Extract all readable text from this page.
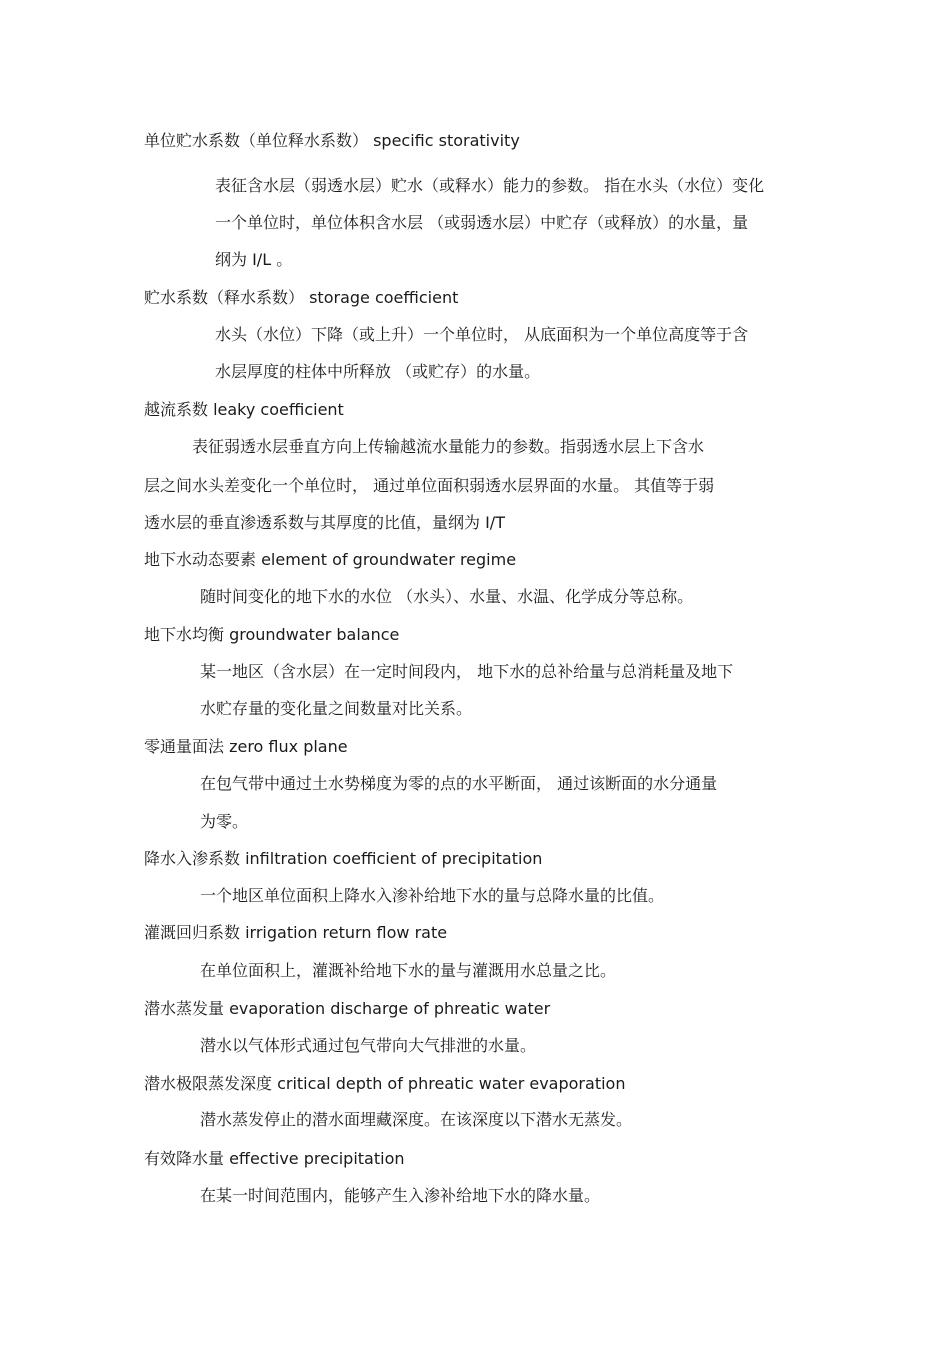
单位贮水系数（单位释水系数） specific storativity
表征含水层（弱透水层）贮水（或释水）能力的参数。 指在水头（水位）变化
一个单位时，单位体积含水层 （或弱透水层）中贮存（或释放）的水量，量
纲为 I/L 。
贮水系数（释水系数） storage coefficient
水头（水位）下降（或上升）一个单位时， 从底面积为一个单位高度等于含
水层厚度的柱体中所释放 （或贮存）的水量。
越流系数 leaky coefficient
表征弱透水层垂直方向上传输越流水量能力的参数。指弱透水层上下含水
层之间水头差变化一个单位时， 通过单位面积弱透水层界面的水量。 其值等于弱
透水层的垂直渗透系数与其厚度的比值，量纲为 I/T
地下水动态要素 element of groundwater regime
随时间变化的地下水的水位 （水头）、水量、水温、化学成分等总称。
地下水均衡 groundwater balance
某一地区（含水层）在一定时间段内， 地下水的总补给量与总消耗量及地下
水贮存量的变化量之间数量对比关系。
零通量面法 zero flux plane
在包气带中通过土水势梯度为零的点的水平断面， 通过该断面的水分通量
为零。
降水入渗系数 infiltration coefficient of precipitation
一个地区单位面积上降水入渗补给地下水的量与总降水量的比值。
灌溉回归系数 irrigation return flow rate
在单位面积上，灌溉补给地下水的量与灌溉用水总量之比。
潜水蒸发量 evaporation discharge of phreatic water
潜水以气体形式通过包气带向大气排泄的水量。
潜水极限蒸发深度 critical depth of phreatic water evaporation
潜水蒸发停止的潜水面埋藏深度。在该深度以下潜水无蒸发。
有效降水量 effective precipitation
在某一时间范围内，能够产生入渗补给地下水的降水量。
